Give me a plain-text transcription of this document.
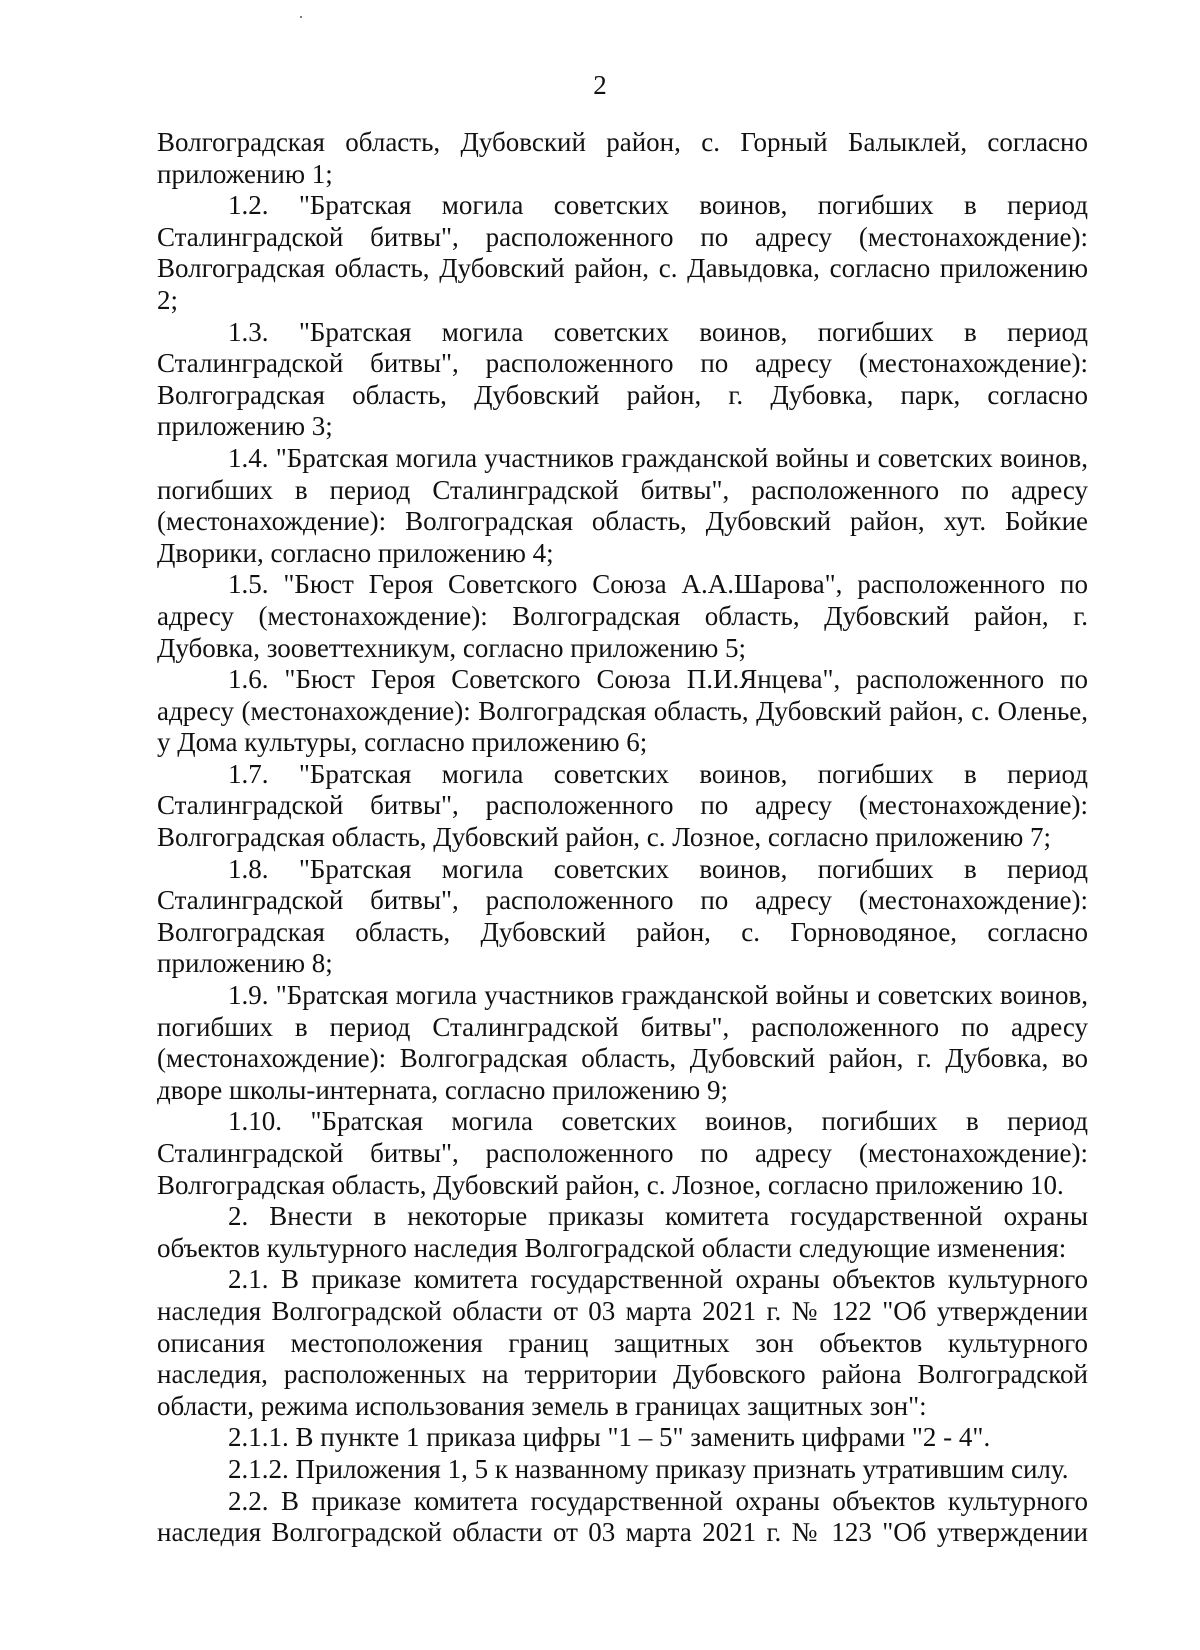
2

Волгоградская область, Дубовский район, с. Горный Балыклей, согласно приложению 1;

1.2. "Братская могила советских воинов, погибших в период Сталинградской битвы", расположенного по адресу (местонахождение): Волгоградская область, Дубовский район, с. Давыдовка, согласно приложению 2;

1.3. "Братская могила советских воинов, погибших в период Сталинградской битвы", расположенного по адресу (местонахождение): Волгоградская область, Дубовский район, г. Дубовка, парк, согласно приложению 3;

1.4. "Братская могила участников гражданской войны и советских воинов, погибших в период Сталинградской битвы", расположенного по адресу (местонахождение): Волгоградская область, Дубовский район, хут. Бойкие Дворики, согласно приложению 4;

1.5. "Бюст Героя Советского Союза А.А.Шарова", расположенного по адресу (местонахождение): Волгоградская область, Дубовский район, г. Дубовка, зооветтехникум, согласно приложению 5;

1.6. "Бюст Героя Советского Союза П.И.Янцева", расположенного по адресу (местонахождение): Волгоградская область, Дубовский район, с. Оленье, у Дома культуры, согласно приложению 6;

1.7. "Братская могила советских воинов, погибших в период Сталинградской битвы", расположенного по адресу (местонахождение): Волгоградская область, Дубовский район, с. Лозное, согласно приложению 7;

1.8. "Братская могила советских воинов, погибших в период Сталинградской битвы", расположенного по адресу (местонахождение): Волгоградская область, Дубовский район, с. Горноводяное, согласно приложению 8;

1.9. "Братская могила участников гражданской войны и советских воинов, погибших в период Сталинградской битвы", расположенного по адресу (местонахождение): Волгоградская область, Дубовский район, г. Дубовка, во дворе школы-интерната, согласно приложению 9;

1.10. "Братская могила советских воинов, погибших в период Сталинградской битвы", расположенного по адресу (местонахождение): Волгоградская область, Дубовский район, с. Лозное, согласно приложению 10.

2. Внести в некоторые приказы комитета государственной охраны объектов культурного наследия Волгоградской области следующие изменения:

2.1. В приказе комитета государственной охраны объектов культурного наследия Волгоградской области от 03 марта 2021 г. № 122 "Об утверждении описания местоположения границ защитных зон объектов культурного наследия, расположенных на территории Дубовского района Волгоградской области, режима использования земель в границах защитных зон":

2.1.1. В пункте 1 приказа цифры "1 – 5" заменить цифрами "2 - 4".

2.1.2. Приложения 1, 5 к названному приказу признать утратившим силу.

2.2. В приказе комитета государственной охраны объектов культурного наследия Волгоградской области от 03 марта 2021 г. № 123 "Об утверждении
